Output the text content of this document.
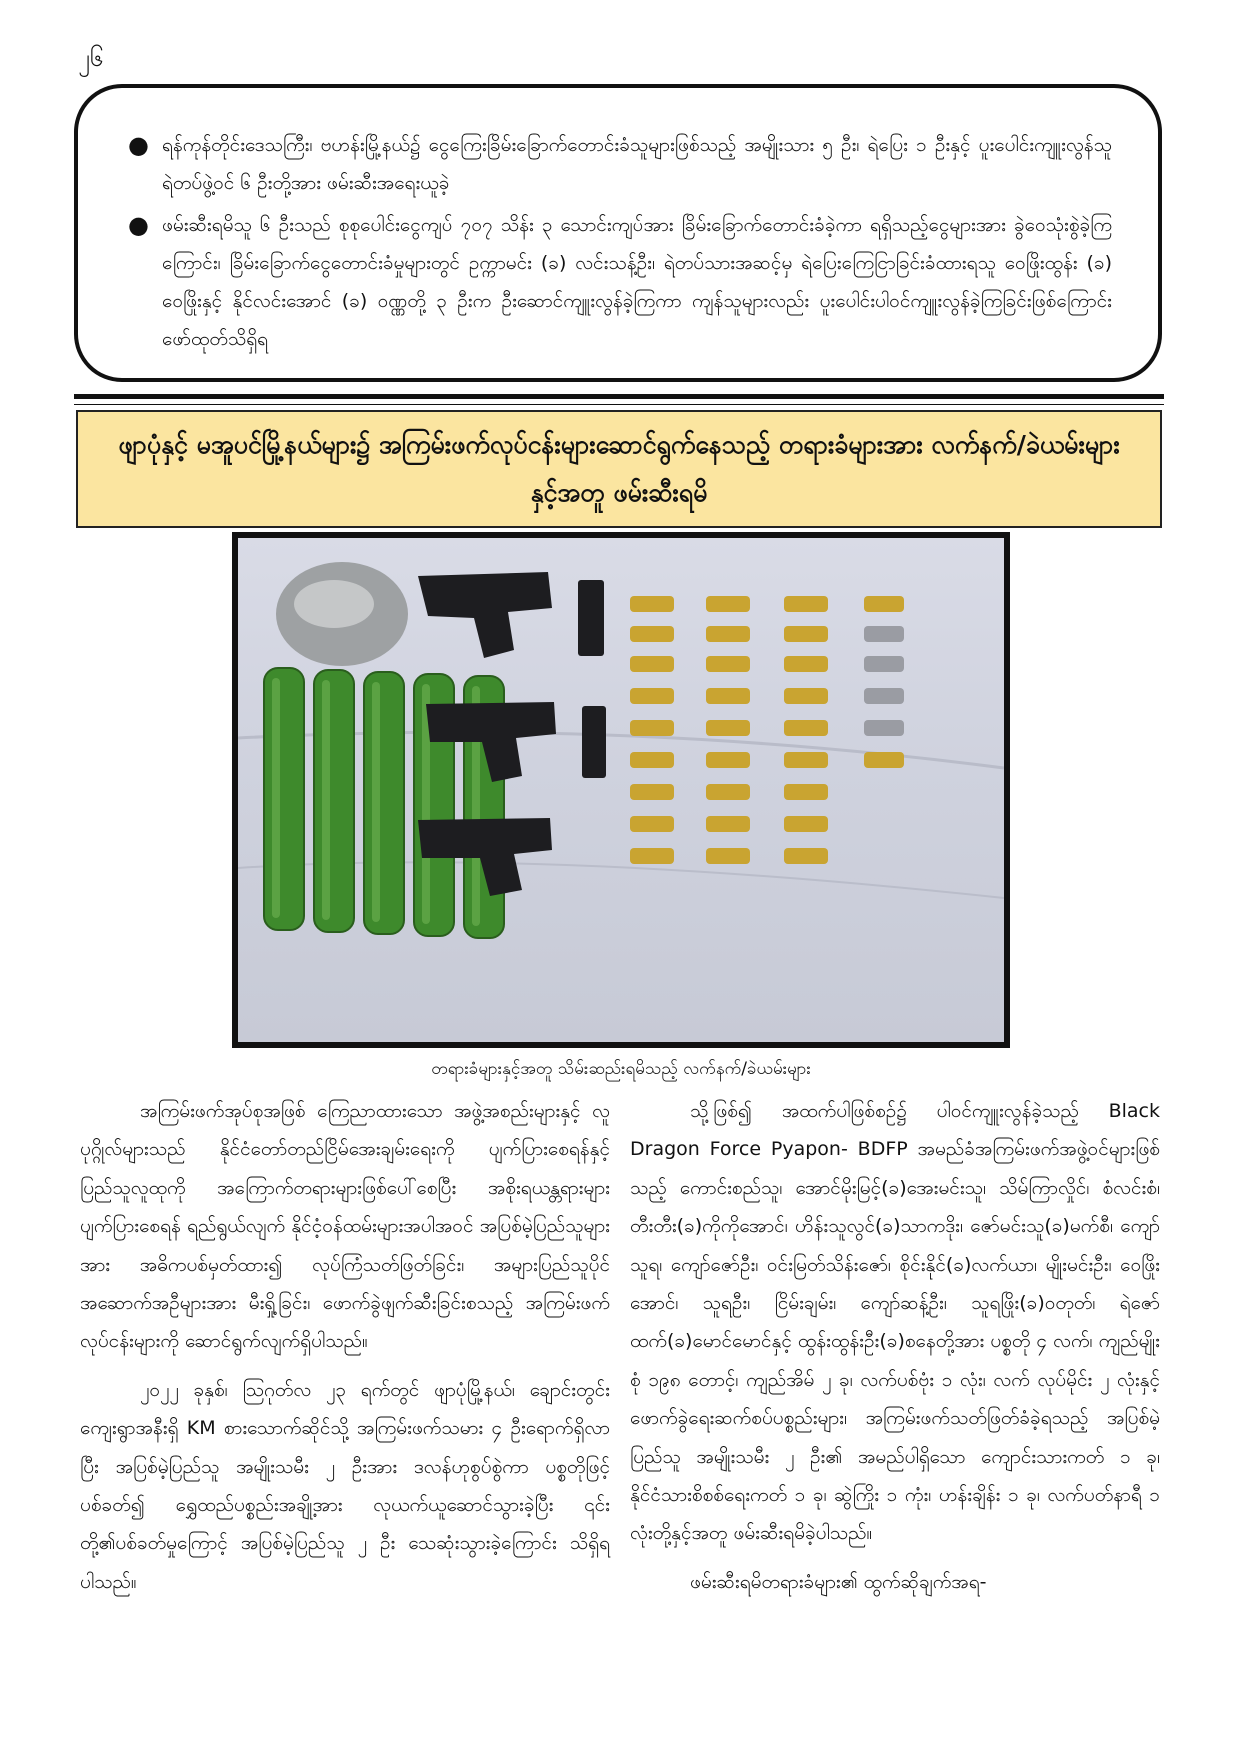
၂၆
● ရန်ကုန်တိုင်းဒေသကြီး၊ ဗဟန်းမြို့နယ်၌ ငွေကြေးခြိမ်းခြောက်တောင်းခံသူများဖြစ်သည့် အမျိုးသား ၅ ဦး၊ ရဲပြေး ၁ ဦးနှင့် ပူးပေါင်းကျူးလွန်သူ ရဲတပ်ဖွဲ့ဝင် ၆ ဦးတို့အား ဖမ်းဆီးအရေးယူခဲ့
● ဖမ်းဆီးရမိသူ ၆ ဦးသည် စုစုပေါင်းငွေကျပ် ၇၀၇ သိန်း ၃ သောင်းကျပ်အား ခြိမ်းခြောက်တောင်းခံခဲ့ကာ ရရှိသည့်ငွေများအား ခွဲဝေသုံးစွဲခဲ့ကြကြောင်း၊ ခြိမ်းခြောက်ငွေတောင်းခံမှုများတွင် ဥက္ကာမင်း (ခ) လင်းသန့်ဦး၊ ရဲတပ်သားအဆင့်မှ ရဲပြေးကြေငြာခြင်းခံထားရသူ ဝေဖြိုးထွန်း (ခ) ဝေဖြိုးနှင့် နိုင်လင်းအောင် (ခ) ဝဏ္ဏတို့ ၃ ဦးက ဦးဆောင်ကျူးလွန်ခဲ့ကြကာ ကျန်သူများလည်း ပူးပေါင်းပါဝင်ကျူးလွန်ခဲ့ကြခြင်းဖြစ်ကြောင်း ဖော်ထုတ်သိရှိရ
ဖျာပုံနှင့် မအူပင်မြို့နယ်များ၌ အကြမ်းဖက်လုပ်ငန်းများဆောင်ရွက်နေသည့် တရားခံများအား လက်နက်/ခဲယမ်းများနှင့်အတူ ဖမ်းဆီးရမိ
တရားခံများနှင့်အတူ သိမ်းဆည်းရမိသည့် လက်နက်/ခဲယမ်းများ

အကြမ်းဖက်အုပ်စုအဖြစ် ကြေညာထားသော အဖွဲ့အစည်းများနှင့် လူပုဂ္ဂိုလ်များသည် နိုင်ငံတော်တည်ငြိမ်အေးချမ်းရေးကို ပျက်ပြားစေရန်နှင့် ပြည်သူလူထုကို အကြောက်တရားများဖြစ်ပေါ်စေပြီး အစိုးရယန္တရားများပျက်ပြားစေရန် ရည်ရွယ်လျက် နိုင်ငံ့ဝန်ထမ်းများအပါအဝင် အပြစ်မဲ့ပြည်သူများအား အဓိကပစ်မှတ်ထား၍ လုပ်ကြံသတ်ဖြတ်ခြင်း၊ အများပြည်သူပိုင် အဆောက်အဦများအား မီးရှို့ခြင်း၊ ဖောက်ခွဲဖျက်ဆီးခြင်းစသည့် အကြမ်းဖက်လုပ်ငန်းများကို ဆောင်ရွက်လျက်ရှိပါသည်။

၂၀၂၂ ခုနှစ်၊ သြဂုတ်လ ၂၃ ရက်တွင် ဖျာပုံမြို့နယ်၊ ချောင်းတွင်းကျေးရွာအနီးရှိ KM စားသောက်ဆိုင်သို့ အကြမ်းဖက်သမား ၄ ဦးရောက်ရှိလာပြီး အပြစ်မဲ့ပြည်သူ အမျိုးသမီး ၂ ဦးအား ဒလန်ဟုစွပ်စွဲကာ ပစ္စတိုဖြင့်ပစ်ခတ်၍ ရွှေထည်ပစ္စည်းအချို့အား လုယက်ယူဆောင်သွားခဲ့ပြီး ၎င်းတို့၏ပစ်ခတ်မှုကြောင့် အပြစ်မဲ့ပြည်သူ ၂ ဦး သေဆုံးသွားခဲ့ကြောင်း သိရှိရပါသည်။

သို့ဖြစ်၍ အထက်ပါဖြစ်စဉ်၌ ပါဝင်ကျူးလွန်ခဲ့သည့် Black Dragon Force Pyapon- BDFP အမည်ခံအကြမ်းဖက်အဖွဲ့ဝင်များဖြစ်သည့် ကောင်းစည်သူ၊ အောင်မိုးမြင့်(ခ)အေးမင်းသူ၊ သိမ်ကြာလှိုင်၊ စံလင်းစံ၊ တီးတီး(ခ)ကိုကိုအောင်၊ ဟိန်းသူလွင်(ခ)သာကဒိုး၊ ဇော်မင်းသူ(ခ)မက်စီ၊ ကျော်သူရ၊ ကျော်ဇော်ဦး၊ ဝင်းမြတ်သိန်းဇော်၊ စိုင်းနိုင်(ခ)လက်ယာ၊ မျိုးမင်းဦး၊ ဝေဖြိုးအောင်၊ သူရဦး၊ ငြိမ်းချမ်း၊ ကျော်ဆန့်ဦး၊ သူရဖြိုး(ခ)ဝတုတ်၊ ရဲဇော်ထက်(ခ)မောင်မောင်နှင့် ထွန်းထွန်းဦး(ခ)စနေတို့အား ပစ္စတို ၄ လက်၊ ကျည်မျိုးစုံ ၁၉၈ တောင့်၊ ကျည်အိမ် ၂ ခု၊ လက်ပစ်ဗုံး ၁ လုံး၊ လက် လုပ်မိုင်း ၂ လုံးနှင့် ဖောက်ခွဲရေးဆက်စပ်ပစ္စည်းများ၊ အကြမ်းဖက်သတ်ဖြတ်ခံခဲ့ရသည့် အပြစ်မဲ့ပြည်သူ အမျိုးသမီး ၂ ဦး၏ အမည်ပါရှိသော ကျောင်းသားကတ် ၁ ခု၊ နိုင်ငံသားစိစစ်ရေးကတ် ၁ ခု၊ ဆွဲကြိုး ၁ ကုံး၊ ဟန်းချိန်း ၁ ခု၊ လက်ပတ်နာရီ ၁ လုံးတို့နှင့်အတူ ဖမ်းဆီးရမိခဲ့ပါသည်။

ဖမ်းဆီးရမိတရားခံများ၏ ထွက်ဆိုချက်အရ-
